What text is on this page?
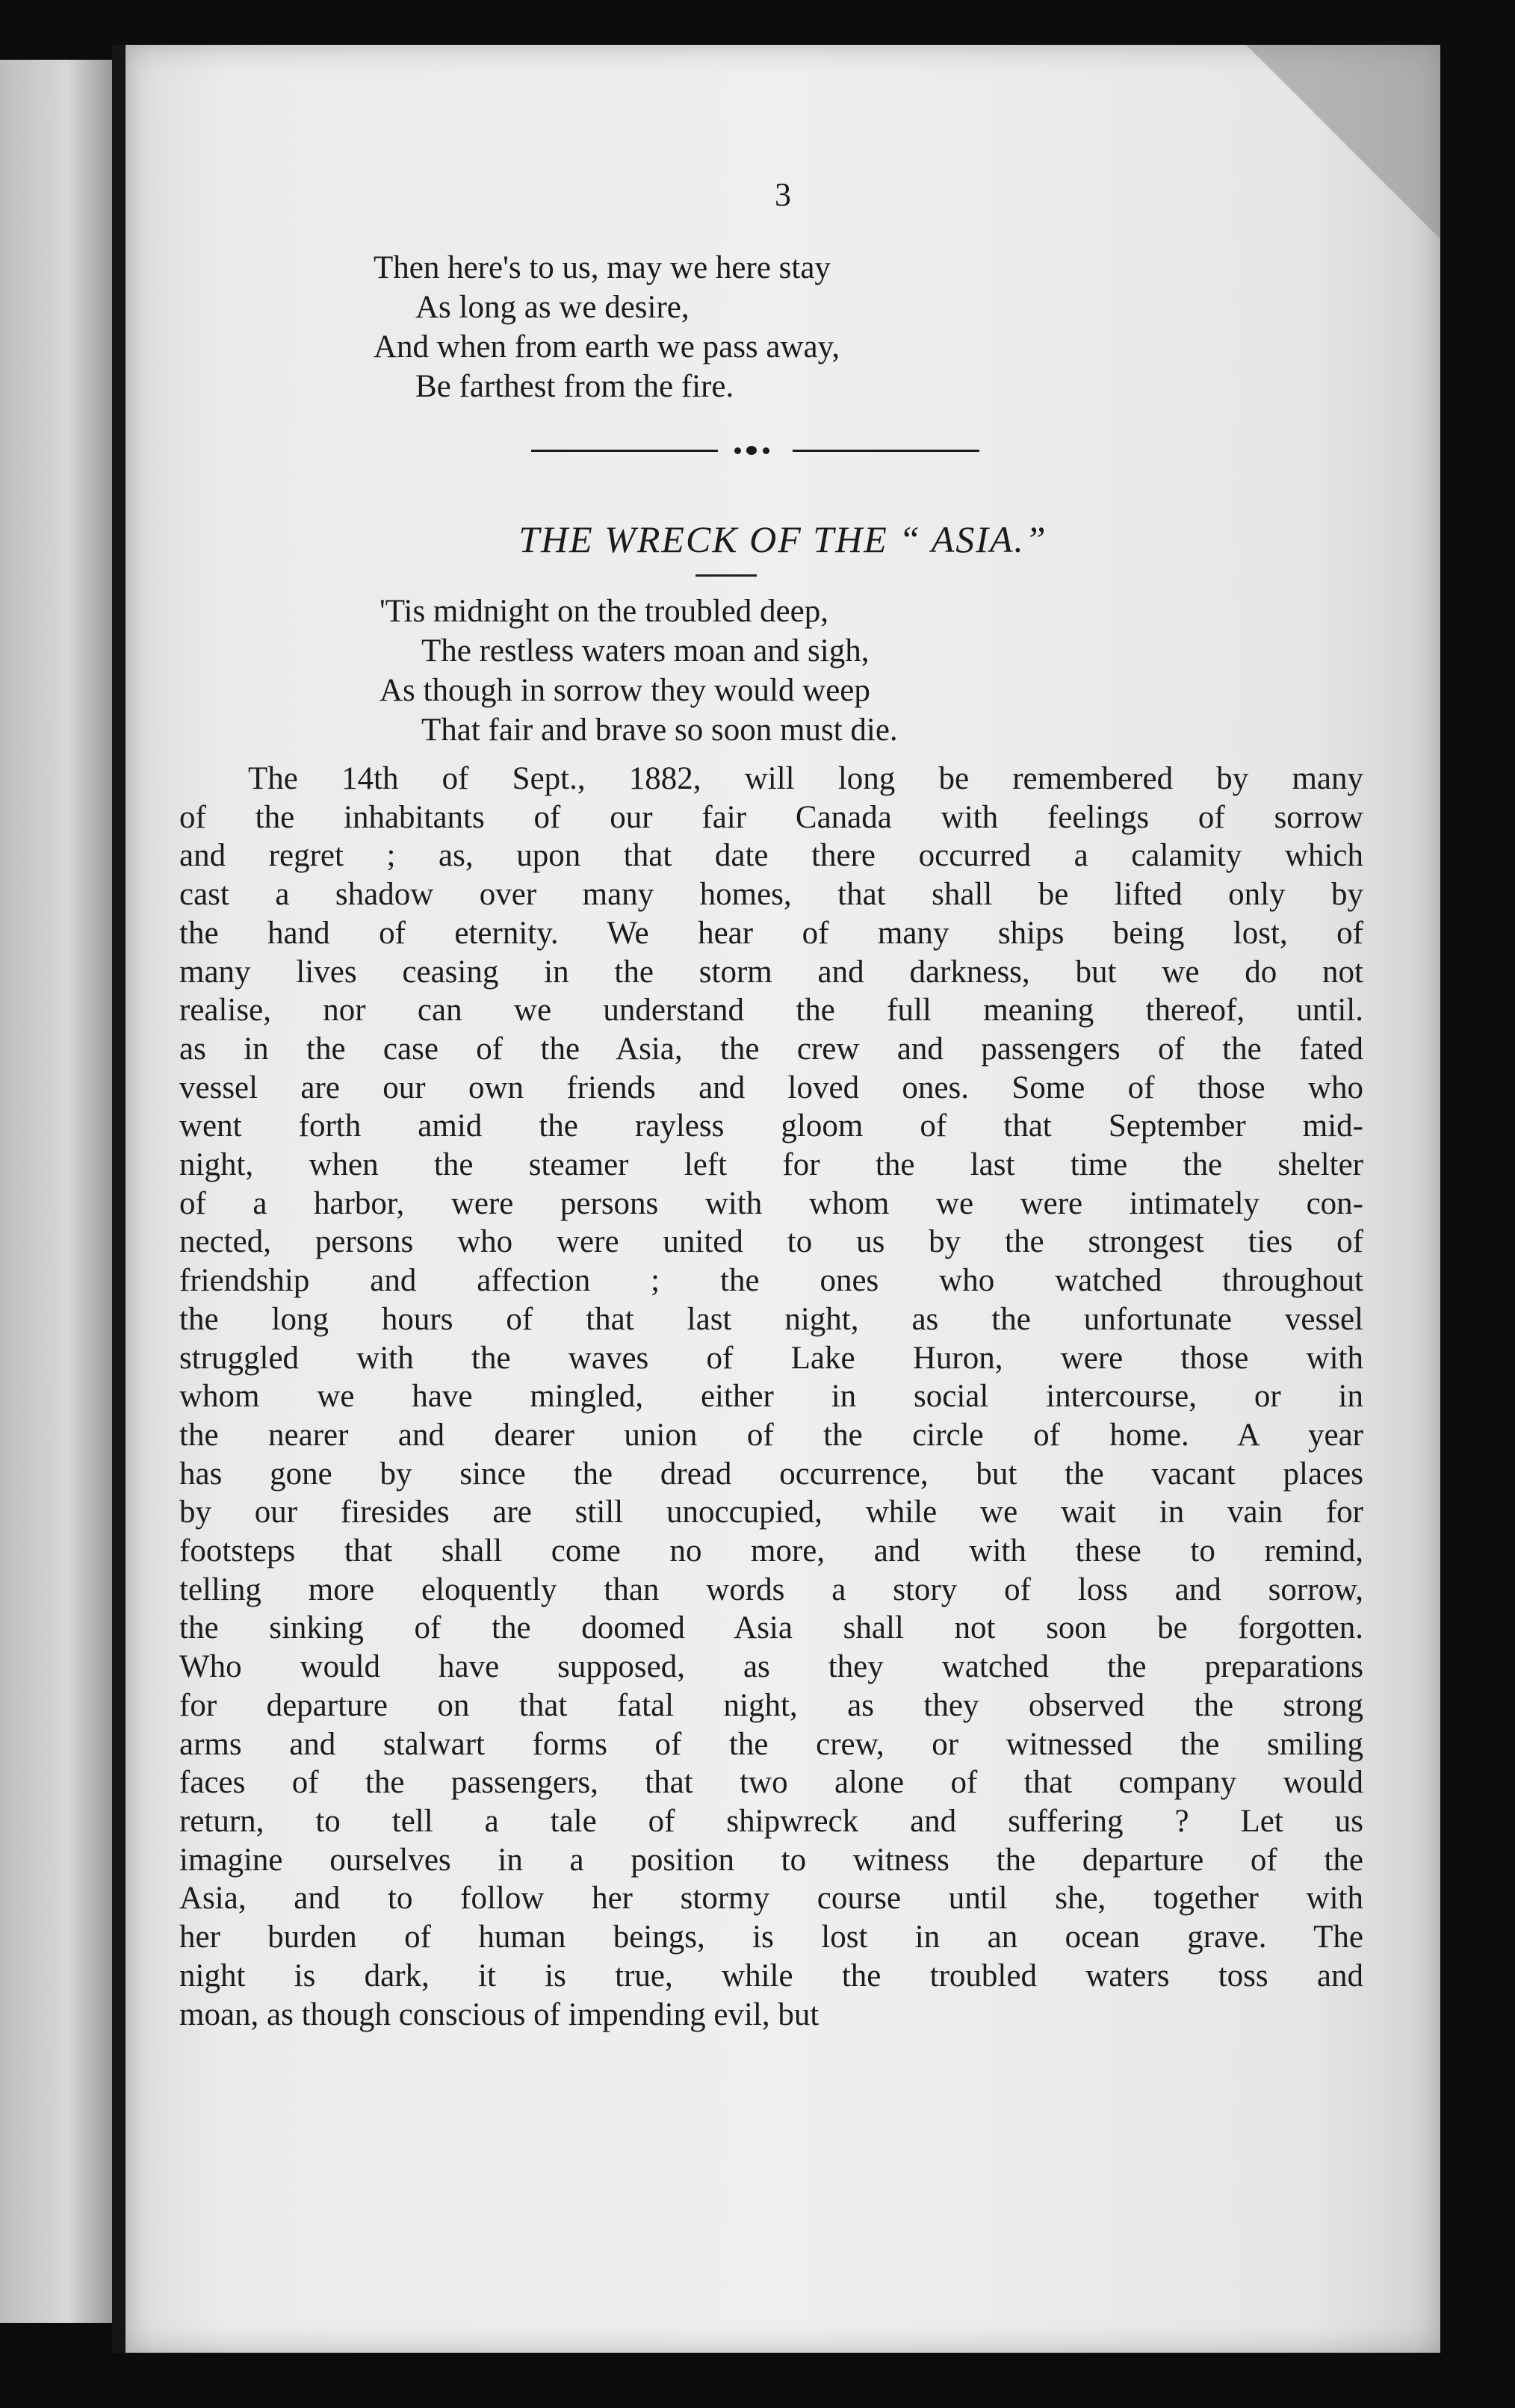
3
Then here's to us, may we here stay
As long as we desire,
And when from earth we pass away,
Be farthest from the fire.
THE WRECK OF THE “ ASIA.”
'Tis midnight on the troubled deep,
The restless waters moan and sigh,
As though in sorrow they would weep
That fair and brave so soon must die.
The 14th of Sept., 1882, will long be remembered by many
of the inhabitants of our fair Canada with feelings of sorrow
and regret ; as, upon that date there occurred a calamity which
cast a shadow over many homes, that shall be lifted only by
the hand of eternity. We hear of many ships being lost, of
many lives ceasing in the storm and darkness, but we do not
realise, nor can we understand the full meaning thereof, until.
as in the case of the Asia, the crew and passengers of the fated
vessel are our own friends and loved ones. Some of those who
went forth amid the rayless gloom of that September mid-
night, when the steamer left for the last time the shelter
of a harbor, were persons with whom we were intimately con-
nected, persons who were united to us by the strongest ties of
friendship and affection ; the ones who watched throughout
the long hours of that last night, as the unfortunate vessel
struggled with the waves of Lake Huron, were those with
whom we have mingled, either in social intercourse, or in
the nearer and dearer union of the circle of home. A year
has gone by since the dread occurrence, but the vacant places
by our firesides are still unoccupied, while we wait in vain for
footsteps that shall come no more, and with these to remind,
telling more eloquently than words a story of loss and sorrow,
the sinking of the doomed Asia shall not soon be forgotten.
Who would have supposed, as they watched the preparations
for departure on that fatal night, as they observed the strong
arms and stalwart forms of the crew, or witnessed the smiling
faces of the passengers, that two alone of that company would
return, to tell a tale of shipwreck and suffering ? Let us
imagine ourselves in a position to witness the departure of the
Asia, and to follow her stormy course until she, together with
her burden of human beings, is lost in an ocean grave. The
night is dark, it is true, while the troubled waters toss and
moan, as though conscious of impending evil, but
